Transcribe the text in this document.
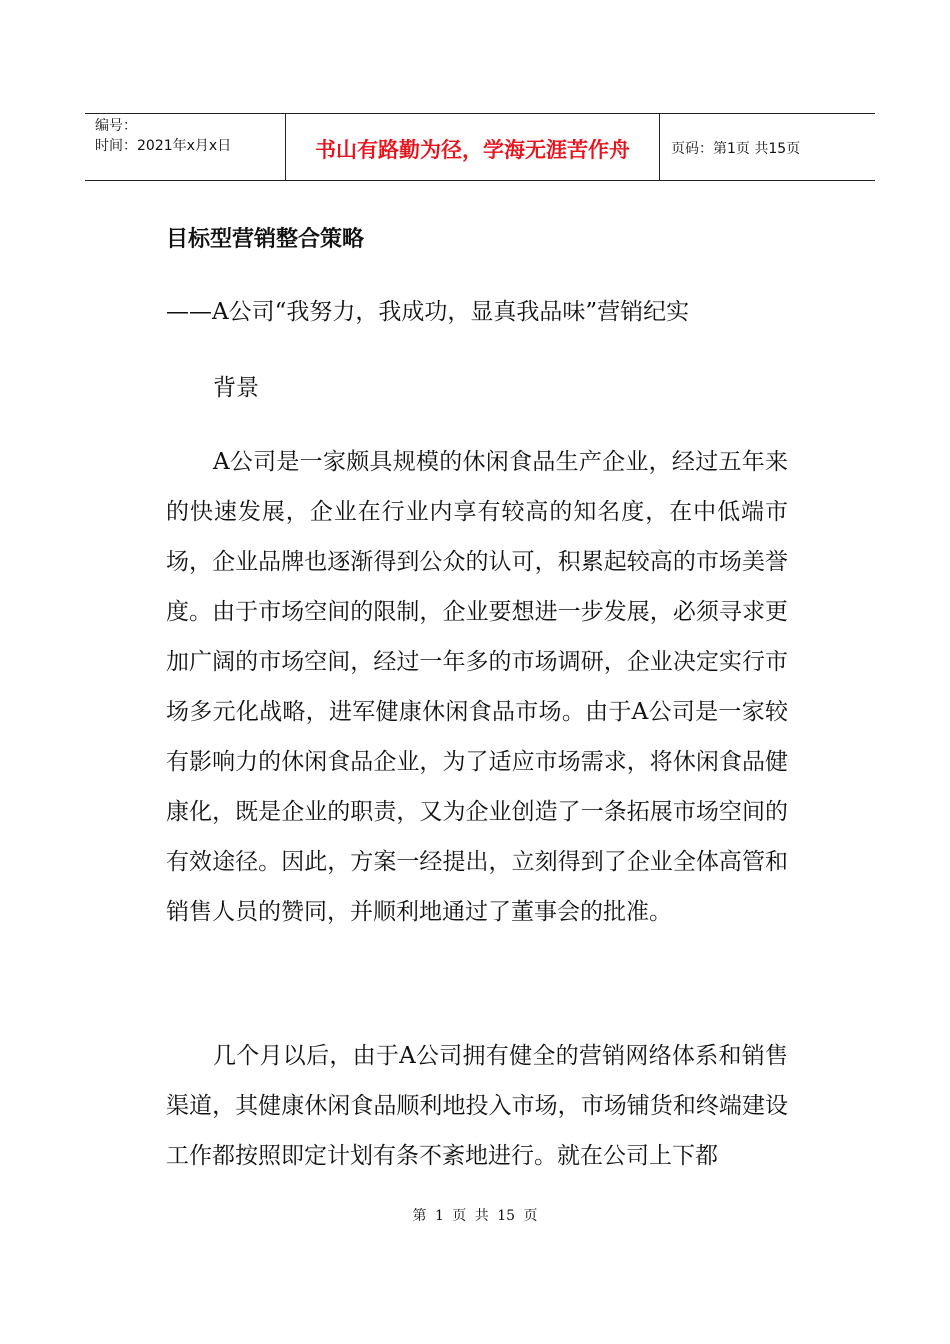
编号：
时间：2021年x月x日	书山有路勤为径，学海无涯苦作舟	页码：第1页 共15页
目标型营销整合策略
——A公司“我努力，我成功，显真我品味”营销纪实
背景

A公司是一家颇具规模的休闲食品生产企业，经过五年来的快速发展，企业在行业内享有较高的知名度，在中低端市场，企业品牌也逐渐得到公众的认可，积累起较高的市场美誉度。由于市场空间的限制，企业要想进一步发展，必须寻求更加广阔的市场空间，经过一年多的市场调研，企业决定实行市场多元化战略，进军健康休闲食品市场。由于A公司是一家较有影响力的休闲食品企业，为了适应市场需求，将休闲食品健康化，既是企业的职责，又为企业创造了一条拓展市场空间的有效途径。因此，方案一经提出，立刻得到了企业全体高管和销售人员的赞同，并顺利地通过了董事会的批准。

几个月以后，由于A公司拥有健全的营销网络体系和销售渠道，其健康休闲食品顺利地投入市场，市场铺货和终端建设工作都按照即定计划有条不紊地进行。就在公司上下都

第 1 页 共 15 页
